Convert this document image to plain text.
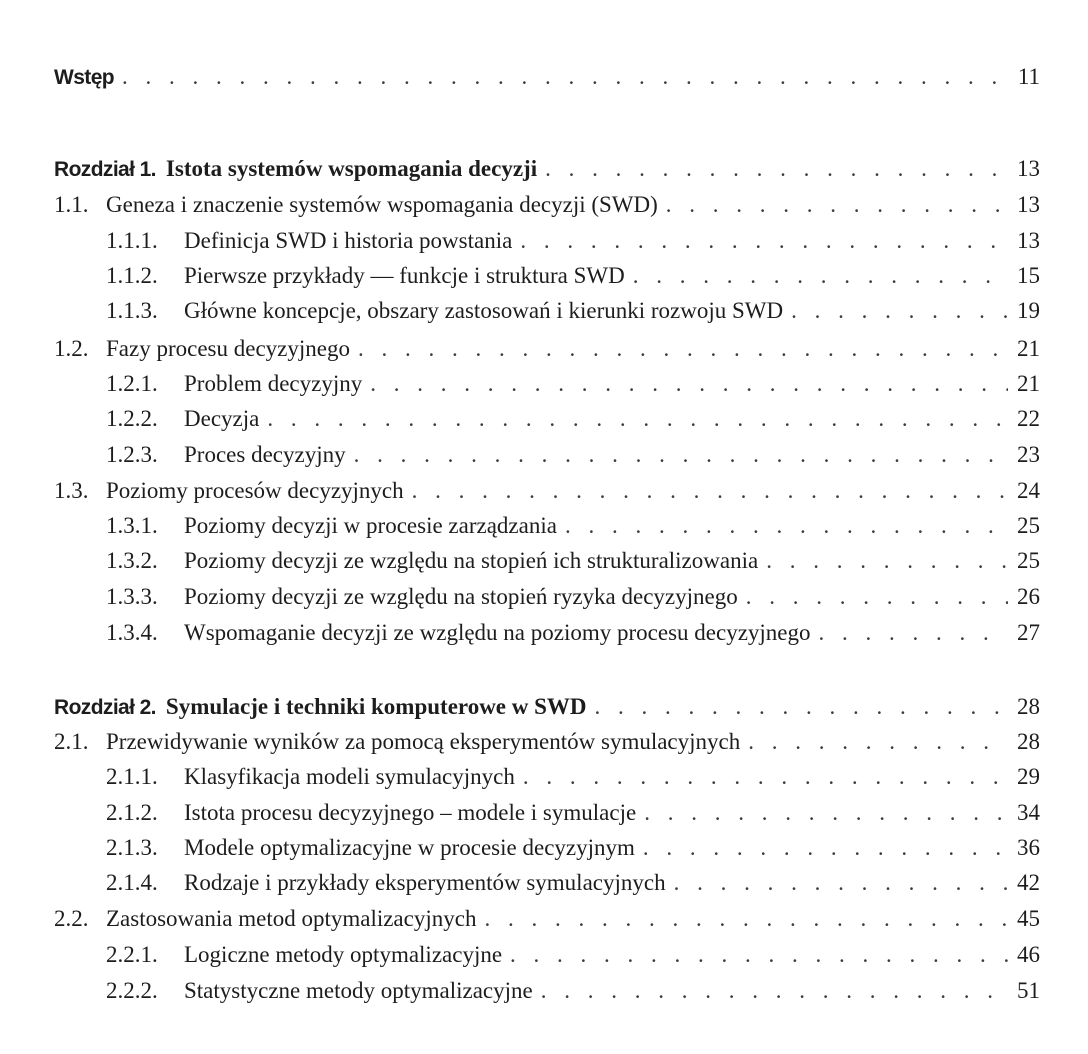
Wstęp . . .	11
Rozdział 1. Istota systemów wspomagania decyzji . . .	13
1.1. Geneza i znaczenie systemów wspomagania decyzji (SWD) . . .	13
1.1.1.	Definicja SWD i historia powstania . . .	13
1.1.2.	Pierwsze przykłady — funkcje i struktura SWD . . .	15
1.1.3.	Główne koncepcje, obszary zastosowań i kierunki rozwoju SWD . . .	19
1.2. Fazy procesu decyzyjnego . . .	21
1.2.1.	Problem decyzyjny . . .	21
1.2.2.	Decyzja . . .	22
1.2.3.	Proces decyzyjny . . .	23
1.3. Poziomy procesów decyzyjnych . . .	24
1.3.1.	Poziomy decyzji w procesie zarządzania . . .	25
1.3.2.	Poziomy decyzji ze względu na stopień ich strukturalizowania . . .	25
1.3.3.	Poziomy decyzji ze względu na stopień ryzyka decyzyjnego . . .	26
1.3.4.	Wspomaganie decyzji ze względu na poziomy procesu decyzyjnego . . .	27
Rozdział 2. Symulacje i techniki komputerowe w SWD . . .	28
2.1. Przewidywanie wyników za pomocą eksperymentów symulacyjnych . . .	28
2.1.1.	Klasyfikacja modeli symulacyjnych . . .	29
2.1.2.	Istota procesu decyzyjnego – modele i symulacje . . .	34
2.1.3.	Modele optymalizacyjne w procesie decyzyjnym . . .	36
2.1.4.	Rodzaje i przykłady eksperymentów symulacyjnych . . .	42
2.2. Zastosowania metod optymalizacyjnych . . .	45
2.2.1.	Logiczne metody optymalizacyjne . . .	46
2.2.2.	Statystyczne metody optymalizacyjne . . .	51
